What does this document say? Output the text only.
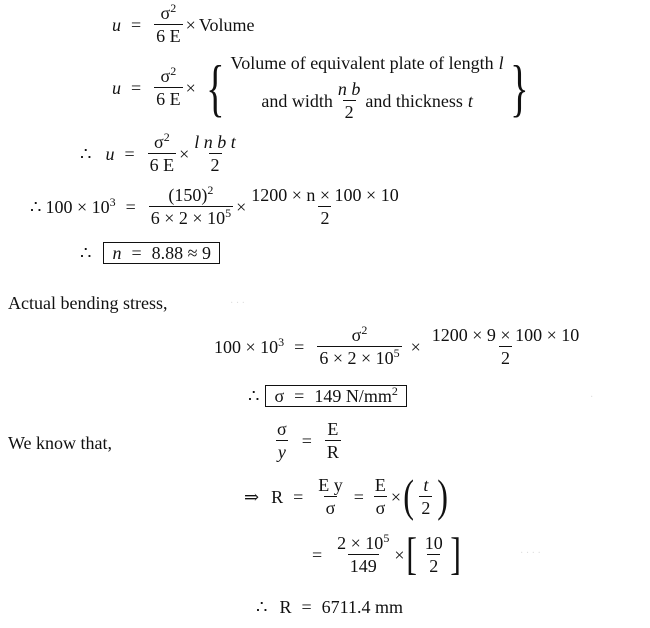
$u = \frac{\sigma^2}{6 E}$ × Volume
$u = \frac{\sigma^2}{6 E}$ × { Volume of equivalent plate of length l
and width $\frac{\text{n b}}{2}$ and thickness t }
∴ $u = \frac{\sigma^2}{6 E} \times \frac{\text{l n b t}}{2}$
∴ $100 \times 10^3 = \frac{(150)^2}{6 \times 2 \times 10^5} \times \frac{1200 \times n \times 100 \times 10}{2}$
∴ n = 8.88 ≈ 9
Actual bending stress,
$100 \times 10^3 = \frac{\sigma^2}{6 \times 2 \times 10^5} \times \frac{1200 \times 9 \times 100 \times 10}{2}$
∴ σ = 149 $N/mm^2$
We know that,	$\frac{\sigma}{y} = \frac{E}{R}$
⇒ $R = \frac{\text{E y}}{\sigma} = \frac{E}{\sigma}$ × ( $\frac{t}{2}$ )
= $\frac{2 \times 10^5}{149}$ × [ $\frac{10}{2}$ ]
∴ R = 6711.4 mm
· · ·
· · · ·
·
